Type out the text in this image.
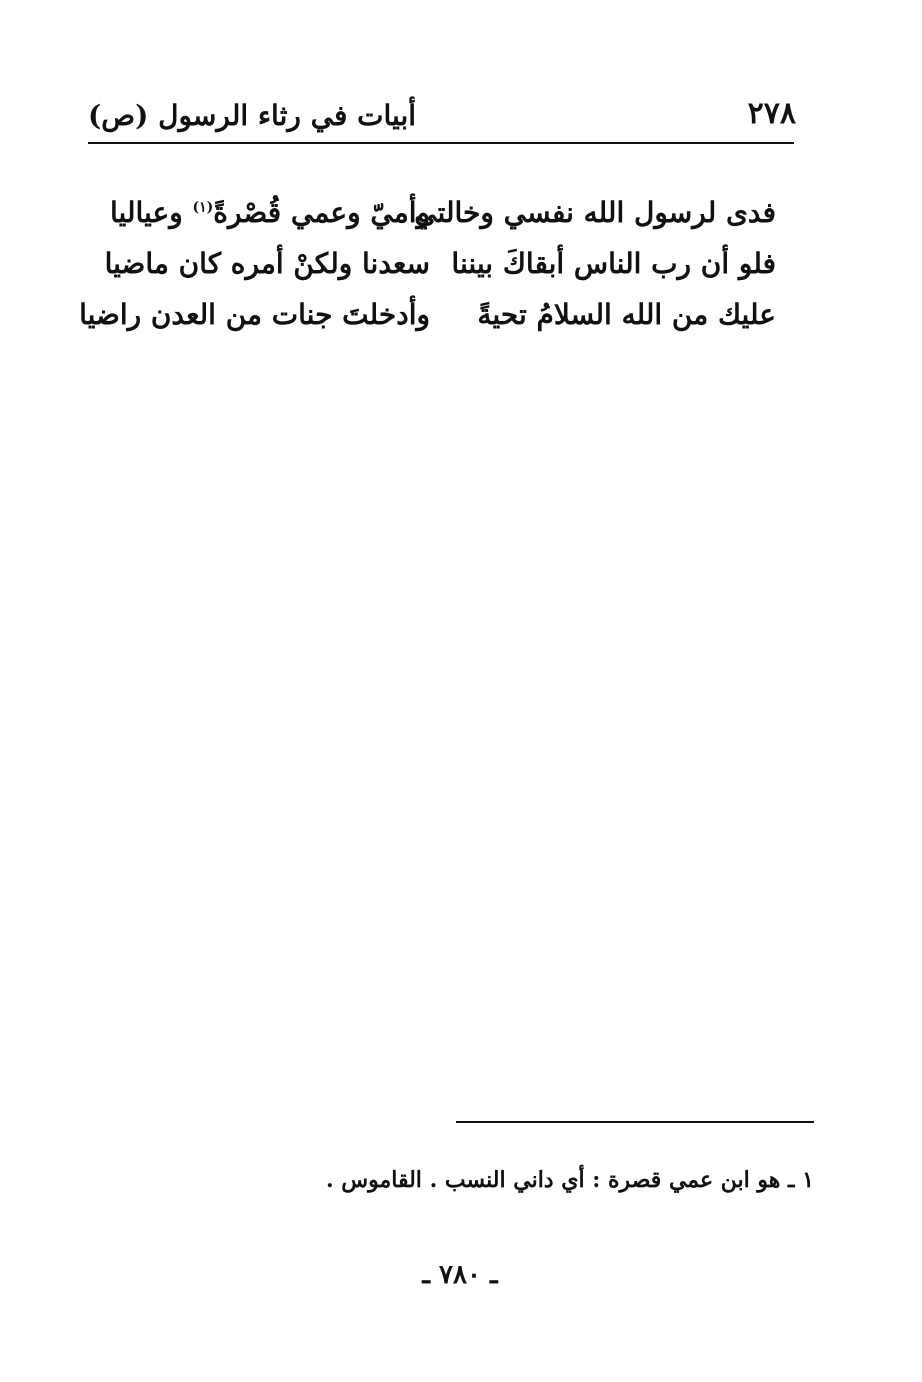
٢٧٨
أبيات في رثاء الرسول (ص)
فدى لرسول الله نفسي وخالتي
وأميّ وعمي قُصْرةً$^{(١)}$ وعياليا
فلو أن رب الناس أبقاكَ بيننا
سعدنا ولكنْ أمره كان ماضيا
عليك من الله السلامُ تحيةً
وأدخلتَ جنات من العدن راضيا
١ ـ هو ابن عمي قصرة : أي داني النسب . القاموس .
ـ ٧٨٠ ـ
